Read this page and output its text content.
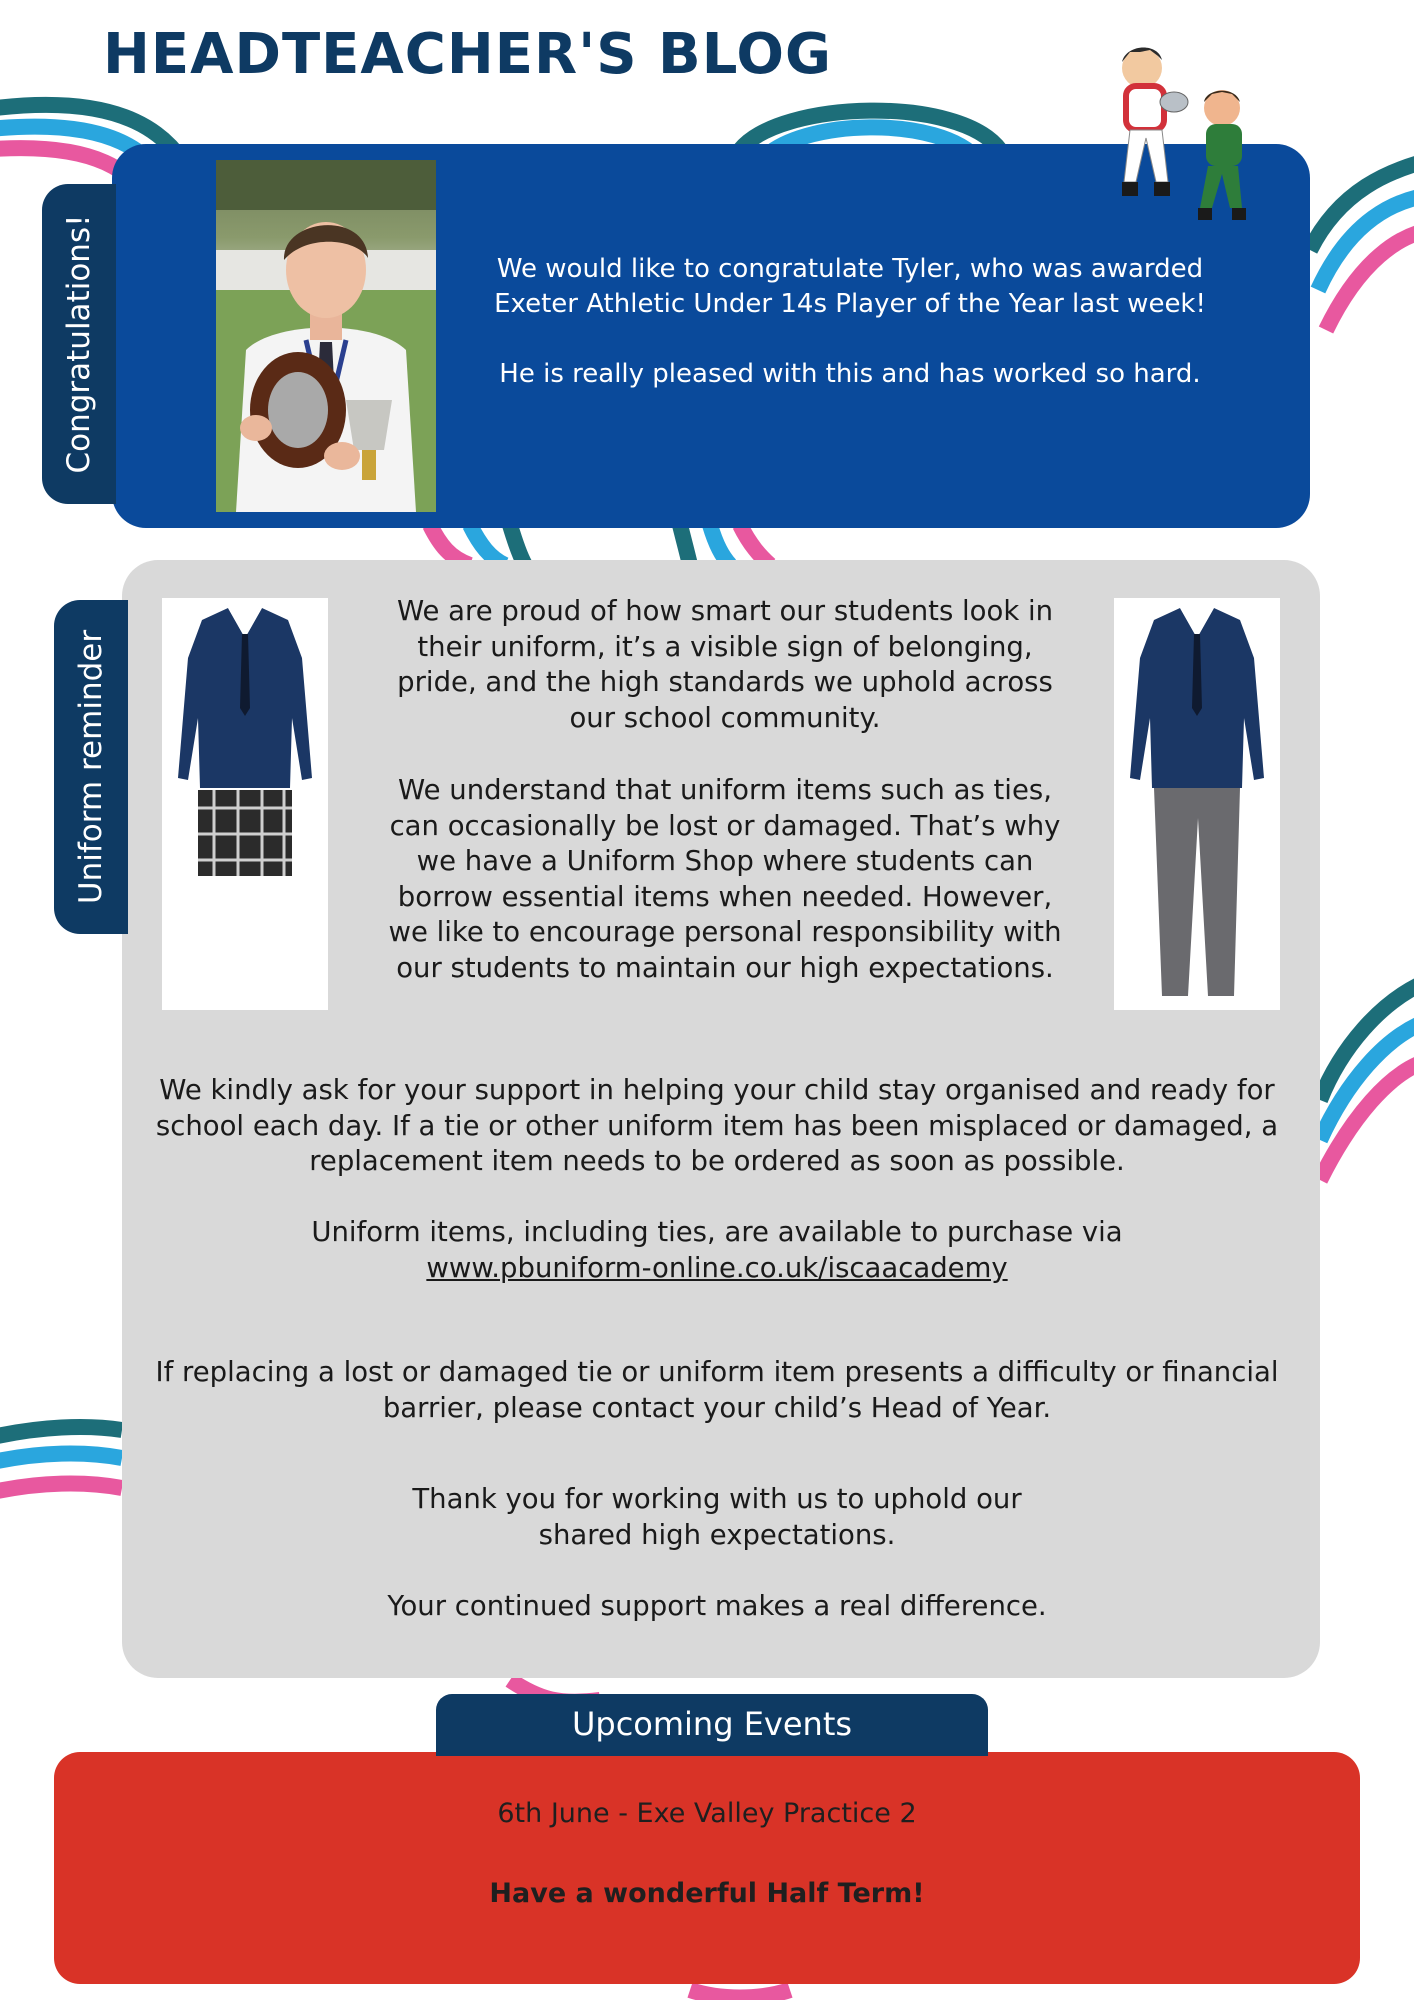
HEADTEACHER'S BLOG
Congratulations!	We would like to congratulate Tyler, who was awarded Exeter Athletic Under 14s Player of the Year last week!

He is really pleased with this and has worked so hard.

Uniform reminder
We are proud of how smart our students look in their uniform, it’s a visible sign of belonging, pride, and the high standards we uphold across our school community.
We understand that uniform items such as ties, can occasionally be lost or damaged. That’s why we have a Uniform Shop where students can borrow essential items when needed. However, we like to encourage personal responsibility with our students to maintain our high expectations.
We kindly ask for your support in helping your child stay organised and ready for school each day. If a tie or other uniform item has been misplaced or damaged, a replacement item needs to be ordered as soon as possible.
Uniform items, including ties, are available to purchase via
www.pbuniform-online.co.uk/iscaacademy
If replacing a lost or damaged tie or uniform item presents a difficulty or financial barrier, please contact your child’s Head of Year.
Thank you for working with us to uphold our shared high expectations.
Your continued support makes a real difference.
Upcoming Events
6th June - Exe Valley Practice 2
Have a wonderful Half Term!
